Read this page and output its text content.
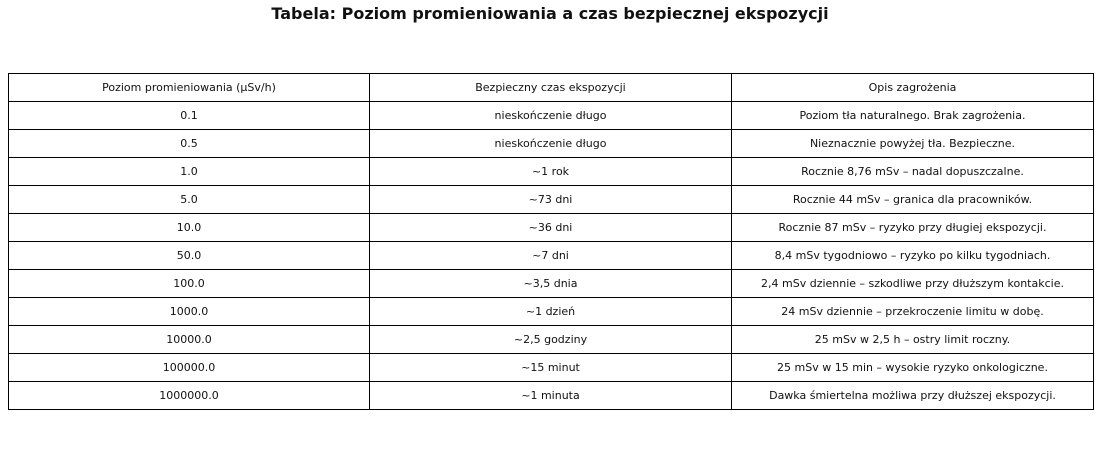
Tabela: Poziom promieniowania a czas bezpiecznej ekspozycji
Poziom promieniowania (µSv/h)	Bezpieczny czas ekspozycji	Opis zagrożenia
0.1	nieskończenie długo	Poziom tła naturalnego. Brak zagrożenia.
0.5	nieskończenie długo	Nieznacznie powyżej tła. Bezpieczne.
1.0	~1 rok	Rocznie 8,76 mSv – nadal dopuszczalne.
5.0	~73 dni	Rocznie 44 mSv – granica dla pracowników.
10.0	~36 dni	Rocznie 87 mSv – ryzyko przy długiej ekspozycji.
50.0	~7 dni	8,4 mSv tygodniowo – ryzyko po kilku tygodniach.
100.0	~3,5 dnia	2,4 mSv dziennie – szkodliwe przy dłuższym kontakcie.
1000.0	~1 dzień	24 mSv dziennie – przekroczenie limitu w dobę.
10000.0	~2,5 godziny	25 mSv w 2,5 h – ostry limit roczny.
100000.0	~15 minut	25 mSv w 15 min – wysokie ryzyko onkologiczne.
1000000.0	~1 minuta	Dawka śmiertelna możliwa przy dłuższej ekspozycji.
